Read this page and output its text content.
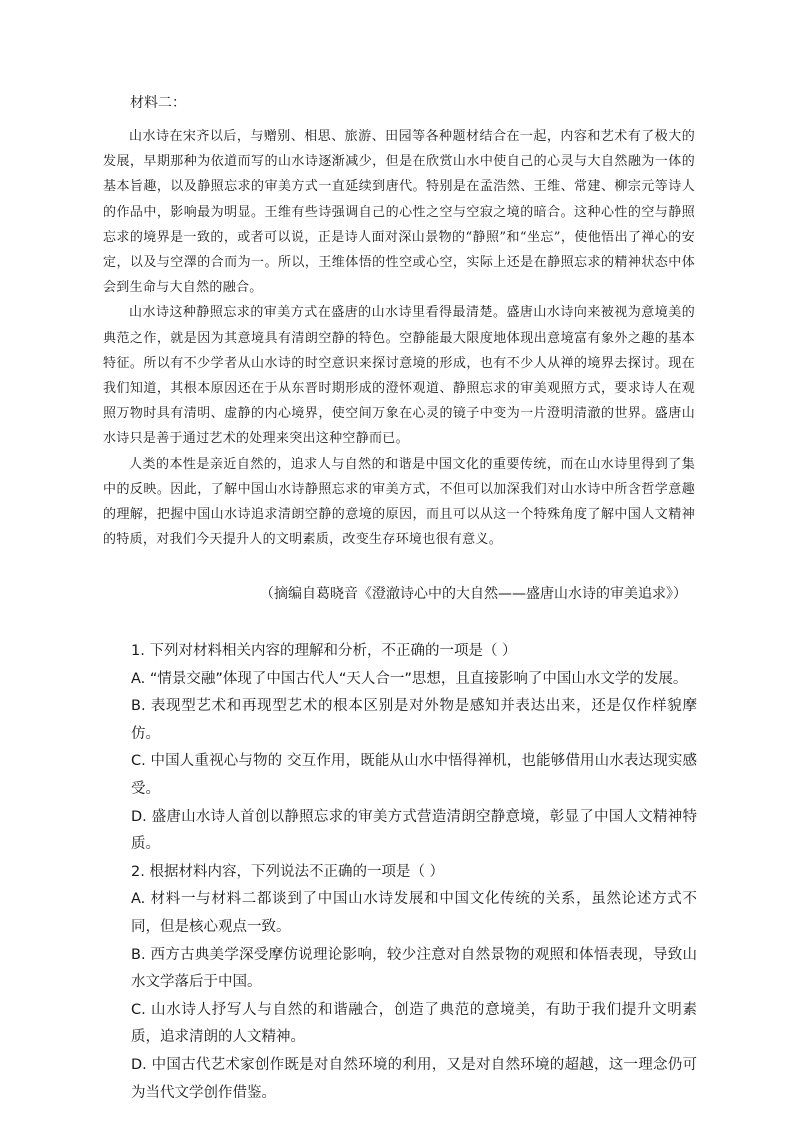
材料二：

山水诗在宋齐以后，与赠别、相思、旅游、田园等各种题材结合在一起，内容和艺术有了极大的发展，早期那种为依道而写的山水诗逐渐减少，但是在欣赏山水中使自己的心灵与大自然融为一体的基本旨趣，以及静照忘求的审美方式一直延续到唐代。特别是在孟浩然、王维、常建、柳宗元等诗人的作品中，影响最为明显。王维有些诗强调自己的心性之空与空寂之境的暗合。这种心性的空与静照忘求的境界是一致的，或者可以说，正是诗人面对深山景物的“静照”和“坐忘”，使他悟出了禅心的安定，以及与空澤的合而为一。所以，王维体悟的性空或心空，实际上还是在静照忘求的精神状态中体会到生命与大自然的融合。

山水诗这种静照忘求的审美方式在盛唐的山水诗里看得最清楚。盛唐山水诗向来被视为意境美的典范之作，就是因为其意境具有清朗空静的特色。空静能最大限度地体现出意境富有象外之趣的基本特征。所以有不少学者从山水诗的时空意识来探讨意境的形成，也有不少人从禅的境界去探讨。现在我们知道，其根本原因还在于从东晋时期形成的澄怀观道、静照忘求的审美观照方式，要求诗人在观照万物时具有清明、虚静的内心境界，使空间万象在心灵的镜子中变为一片澄明清澈的世界。盛唐山水诗只是善于通过艺术的处理来突出这种空静而已。

人类的本性是亲近自然的，追求人与自然的和谐是中国文化的重要传统，而在山水诗里得到了集中的反映。因此，了解中国山水诗静照忘求的审美方式，不但可以加深我们对山水诗中所含哲学意趣的理解，把握中国山水诗追求清朗空静的意境的原因，而且可以从这一个特殊角度了解中国人文精神的特质，对我们今天提升人的文明素质，改变生存环境也很有意义。

（摘编自葛晓音《澄澈诗心中的大自然——盛唐山水诗的审美追求》）

1. 下列对材料相关内容的理解和分析，不正确的一项是（ ）

A. “情景交融”体现了中国古代人“天人合一”思想，且直接影响了中国山水文学的发展。

B. 表现型艺术和再现型艺术的根本区别是对外物是感知并表达出来，还是仅作样貌摩仿。

C. 中国人重视心与物的 交互作用，既能从山水中悟得禅机，也能够借用山水表达现实感受。

D. 盛唐山水诗人首创以静照忘求的审美方式营造清朗空静意境，彰显了中国人文精神特质。

2. 根据材料内容，下列说法不正确的一项是（ ）

A. 材料一与材料二都谈到了中国山水诗发展和中国文化传统的关系，虽然论述方式不同，但是核心观点一致。

B. 西方古典美学深受摩仿说理论影响，较少注意对自然景物的观照和体悟表现，导致山水文学落后于中国。

C. 山水诗人抒写人与自然的和谐融合，创造了典范的意境美，有助于我们提升文明素质，追求清朗的人文精神。

D. 中国古代艺术家创作既是对自然环境的利用，又是对自然环境的超越，这一理念仍可为当代文学创作借鉴。
